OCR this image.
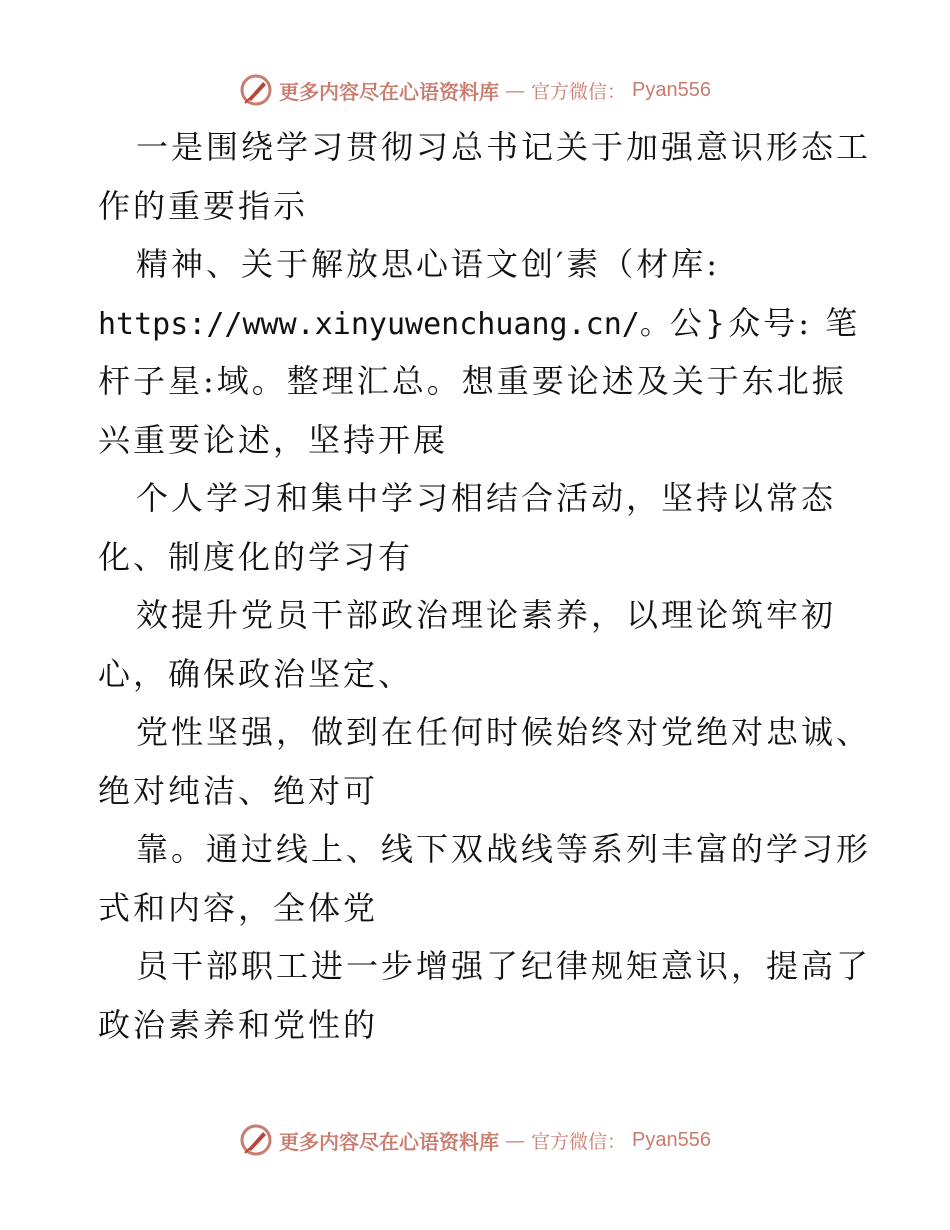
更多内容尽在心语资料库 — 官方微信： Pyan556
一是围绕学习贯彻习总书记关于加强意识形态工
作的重要指示
精神、关于解放思心语文创′素（材库:
https://www.xinyuwenchuang.cn/。公}众号: 笔
杆子星:域。整理汇总。想重要论述及关于东北振
兴重要论述，坚持开展
个人学习和集中学习相结合活动，坚持以常态
化、制度化的学习有
效提升党员干部政治理论素养，以理论筑牢初
心，确保政治坚定、
党性坚强，做到在任何时候始终对党绝对忠诚、
绝对纯洁、绝对可
靠。通过线上、线下双战线等系列丰富的学习形
式和内容，全体党
员干部职工进一步增强了纪律规矩意识，提高了
政治素养和党性的
更多内容尽在心语资料库 — 官方微信： Pyan556
